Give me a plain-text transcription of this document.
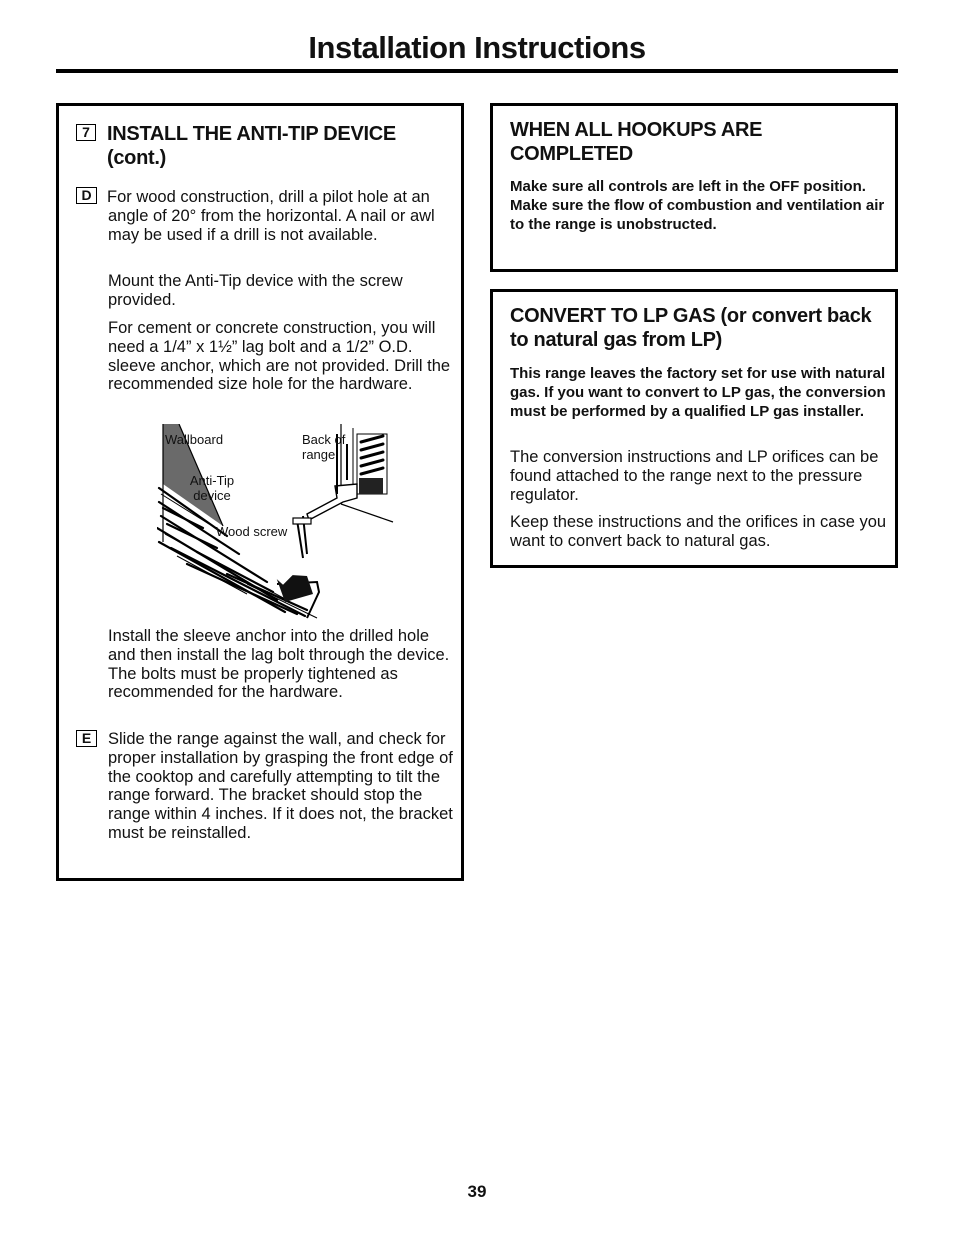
Installation Instructions
7 INSTALL THE ANTI-TIP DEVICE (cont.)
D For wood construction, drill a pilot hole at an angle of 20° from the horizontal. A nail or awl may be used if a drill is not available.

Mount the Anti-Tip device with the screw provided.

For cement or concrete construction, you will need a 1/4” x 1½” lag bolt and a 1/2” O.D. sleeve anchor, which are not provided. Drill the recommended size hole for the hardware.

Wallboard	Back of range
Anti-Tip device
Wood screw

Install the sleeve anchor into the drilled hole and then install the lag bolt through the device. The bolts must be properly tightened as recommended for the hardware.

E	Slide the range against the wall, and check for proper installation by grasping the front edge of the cooktop and carefully attempting to tilt the range forward. The bracket should stop the range within 4 inches. If it does not, the bracket must be reinstalled.

WHEN ALL HOOKUPS ARE COMPLETED

Make sure all controls are left in the OFF position. Make sure the flow of combustion and ventilation air to the range is unobstructed.

CONVERT TO LP GAS (or convert back to natural gas from LP)

This range leaves the factory set for use with natural gas. If you want to convert to LP gas, the conversion must be performed by a qualified LP gas installer.

The conversion instructions and LP orifices can be found attached to the range next to the pressure regulator.

Keep these instructions and the orifices in case you want to convert back to natural gas.

39
